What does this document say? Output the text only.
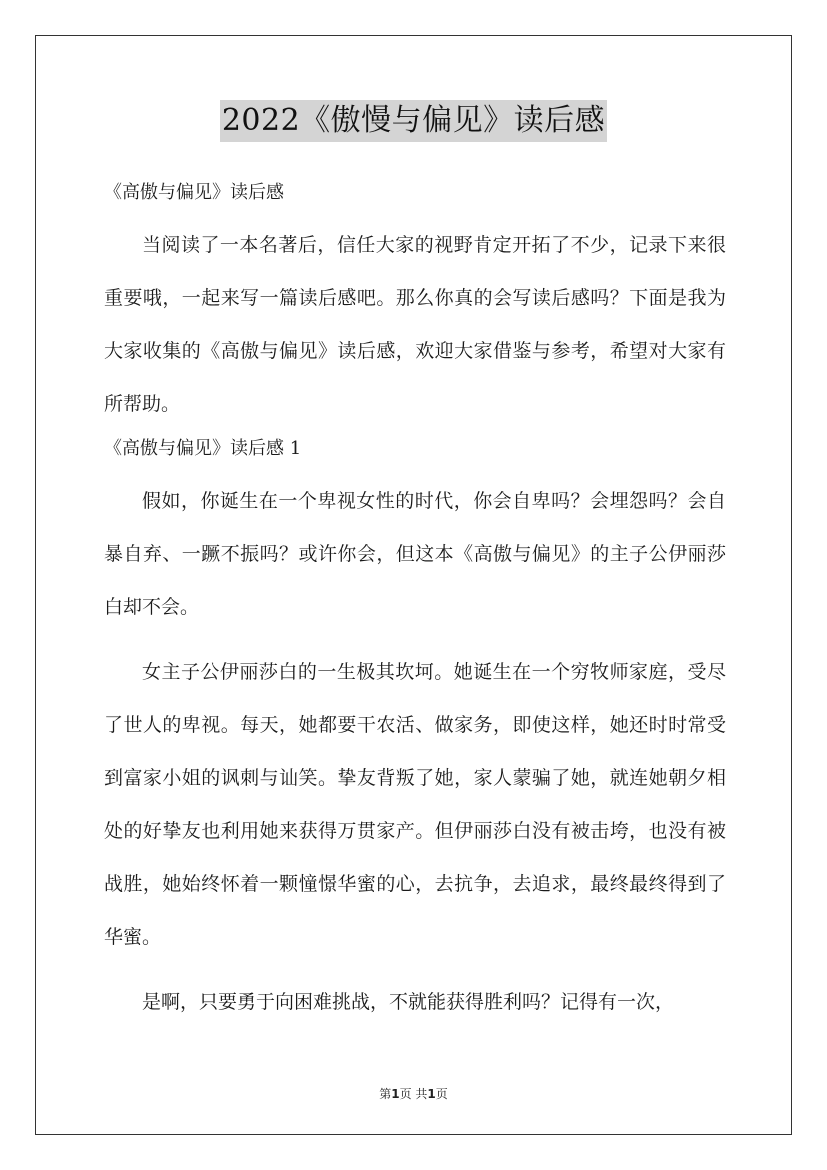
2022《傲慢与偏见》读后感

《高傲与偏见》读后感

当阅读了一本名著后，信任大家的视野肯定开拓了不少，记录下来很重要哦，一起来写一篇读后感吧。那么你真的会写读后感吗？下面是我为大家收集的《高傲与偏见》读后感，欢迎大家借鉴与参考，希望对大家有所帮助。

《高傲与偏见》读后感 1

假如，你诞生在一个卑视女性的时代，你会自卑吗？会埋怨吗？会自暴自弃、一蹶不振吗？或许你会，但这本《高傲与偏见》的主子公伊丽莎白却不会。

女主子公伊丽莎白的一生极其坎坷。她诞生在一个穷牧师家庭，受尽了世人的卑视。每天，她都要干农活、做家务，即使这样，她还时时常受到富家小姐的讽刺与讪笑。挚友背叛了她，家人蒙骗了她，就连她朝夕相处的好挚友也利用她来获得万贯家产。但伊丽莎白没有被击垮，也没有被战胜，她始终怀着一颗憧憬华蜜的心，去抗争，去追求，最终最终得到了华蜜。

是啊，只要勇于向困难挑战，不就能获得胜利吗？记得有一次，

第1页 共1页
